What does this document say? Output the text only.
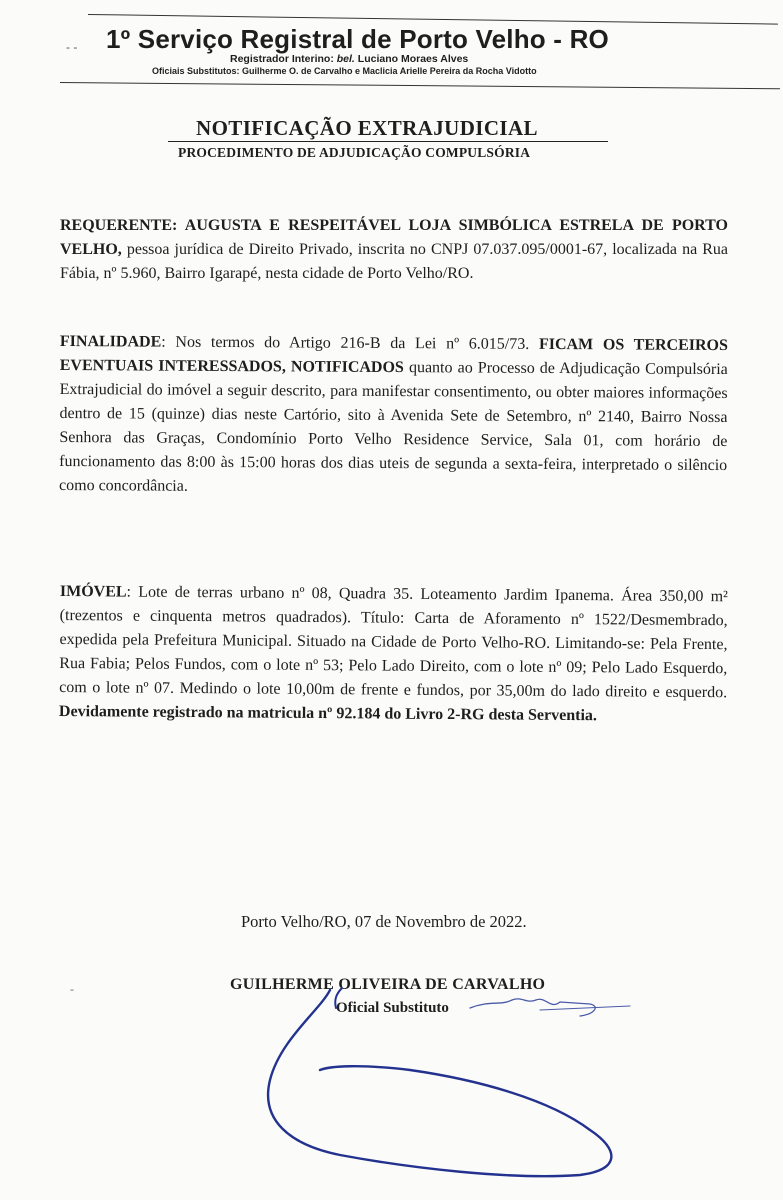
- - 1º Serviço Registral de Porto Velho - RO
Registrador Interino: bel. Luciano Moraes Alves
Oficiais Substitutos: Guilherme O. de Carvalho e Maclicia Arielle Pereira da Rocha Vidotto
NOTIFICAÇÃO EXTRAJUDICIAL
PROCEDIMENTO DE ADJUDICAÇÃO COMPULSÓRIA
REQUERENTE: AUGUSTA E RESPEITÁVEL LOJA SIMBÓLICA ESTRELA DE PORTO VELHO, pessoa jurídica de Direito Privado, inscrita no CNPJ 07.037.095/0001-67, localizada na Rua Fábia, nº 5.960, Bairro Igarapé, nesta cidade de Porto Velho/RO.
FINALIDADE: Nos termos do Artigo 216-B da Lei nº 6.015/73. FICAM OS TERCEIROS EVENTUAIS INTERESSADOS, NOTIFICADOS quanto ao Processo de Adjudicação Compulsória Extrajudicial do imóvel a seguir descrito, para manifestar consentimento, ou obter maiores informações dentro de 15 (quinze) dias neste Cartório, sito à Avenida Sete de Setembro, nº 2140, Bairro Nossa Senhora das Graças, Condomínio Porto Velho Residence Service, Sala 01, com horário de funcionamento das 8:00 às 15:00 horas dos dias uteis de segunda a sexta-feira, interpretado o silêncio como concordância.
IMÓVEL: Lote de terras urbano nº 08, Quadra 35. Loteamento Jardim Ipanema. Área 350,00 m² (trezentos e cinquenta metros quadrados). Título: Carta de Aforamento nº 1522/Desmembrado, expedida pela Prefeitura Municipal. Situado na Cidade de Porto Velho-RO. Limitando-se: Pela Frente, Rua Fabia; Pelos Fundos, com o lote nº 53; Pelo Lado Direito, com o lote nº 09; Pelo Lado Esquerdo, com o lote nº 07. Medindo o lote 10,00m de frente e fundos, por 35,00m do lado direito e esquerdo. Devidamente registrado na matricula nº 92.184 do Livro 2-RG desta Serventia.
Porto Velho/RO, 07 de Novembro de 2022.
-	GUILHERME OLIVEIRA DE CARVALHO
Oficial Substituto
